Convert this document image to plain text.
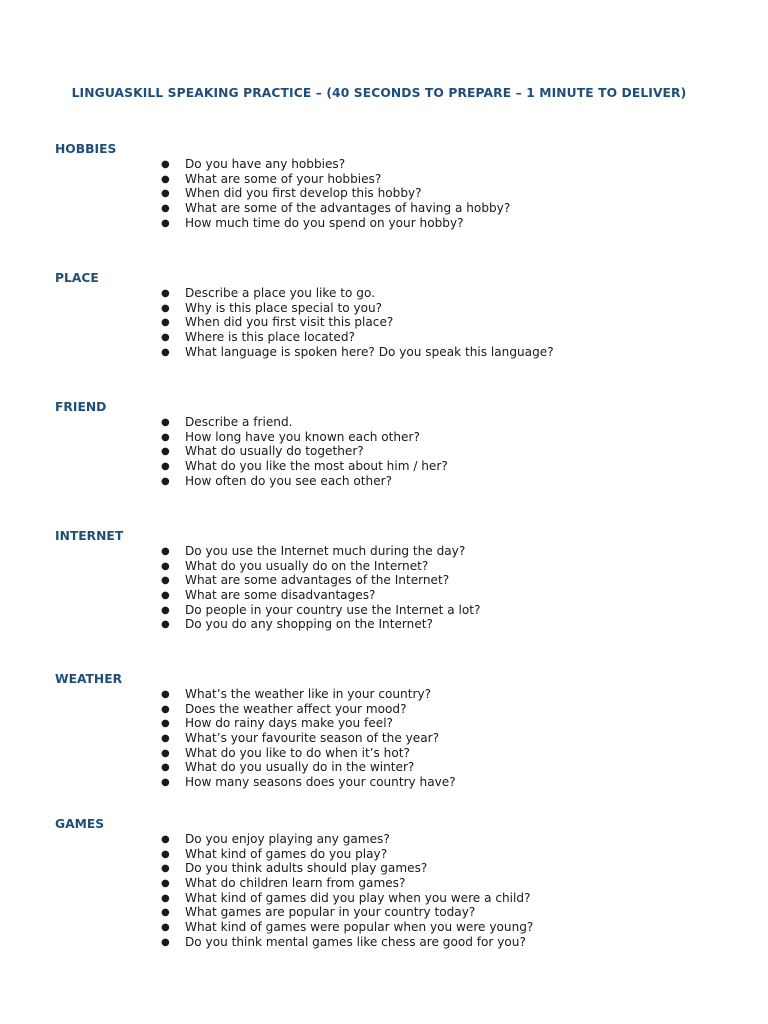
LINGUASKILL SPEAKING PRACTICE – (40 SECONDS TO PREPARE – 1 MINUTE TO DELIVER)
HOBBIES
● Do you have any hobbies?
● What are some of your hobbies?
● When did you first develop this hobby?
● What are some of the advantages of having a hobby?
● How much time do you spend on your hobby?
PLACE
● Describe a place you like to go.
● Why is this place special to you?
● When did you first visit this place?
● Where is this place located?
● What language is spoken here? Do you speak this language?
FRIEND
● Describe a friend.
● How long have you known each other?
● What do usually do together?
● What do you like the most about him / her?
● How often do you see each other?
INTERNET
● Do you use the Internet much during the day?
● What do you usually do on the Internet?
● What are some advantages of the Internet?
● What are some disadvantages?
● Do people in your country use the Internet a lot?
● Do you do any shopping on the Internet?
WEATHER
● What’s the weather like in your country?
● Does the weather affect your mood?
● How do rainy days make you feel?
● What’s your favourite season of the year?
● What do you like to do when it’s hot?
● What do you usually do in the winter?
● How many seasons does your country have?
GAMES
● Do you enjoy playing any games?
● What kind of games do you play?
● Do you think adults should play games?
● What do children learn from games?
● What kind of games did you play when you were a child?
● What games are popular in your country today?
● What kind of games were popular when you were young?
● Do you think mental games like chess are good for you?
